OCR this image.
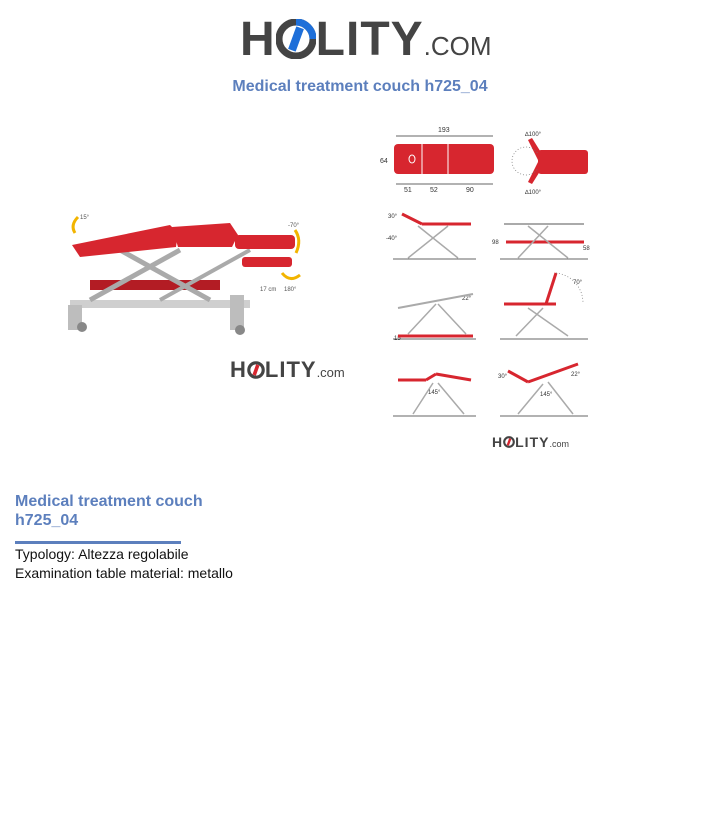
H LITY .COM
Medical treatment couch h725_04
15°
-70°
17 cm 180°
H LITY .com
193
64
51	52	90
∆100°
∆100°
30°
-40°
98
58
22°
15
70°
145°
30°	22°
145°
H LITY .com
Medical treatment couch
h725_04
Typology: Altezza regolabile
Examination table material: metallo
